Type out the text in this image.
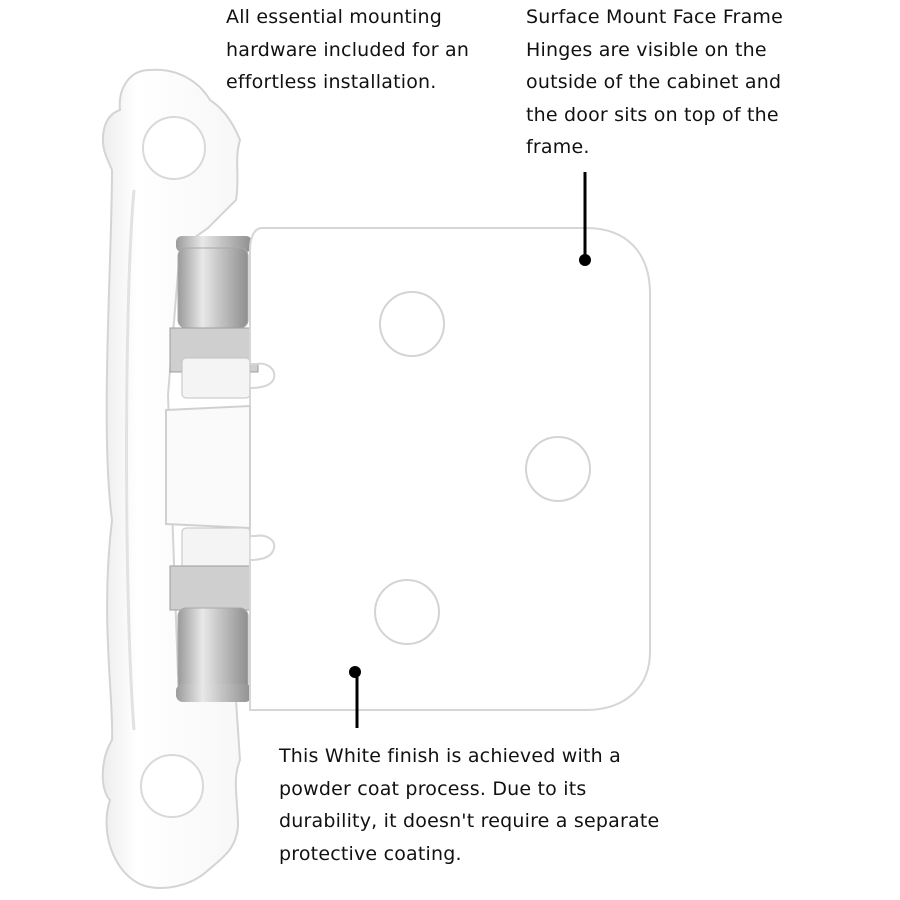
All essential mounting
hardware included for an
effortless installation.

Surface Mount Face Frame
Hinges are visible on the
outside of the cabinet and
the door sits on top of the
frame.

This White finish is achieved with a
powder coat process. Due to its
durability, it doesn't require a separate
protective coating.
